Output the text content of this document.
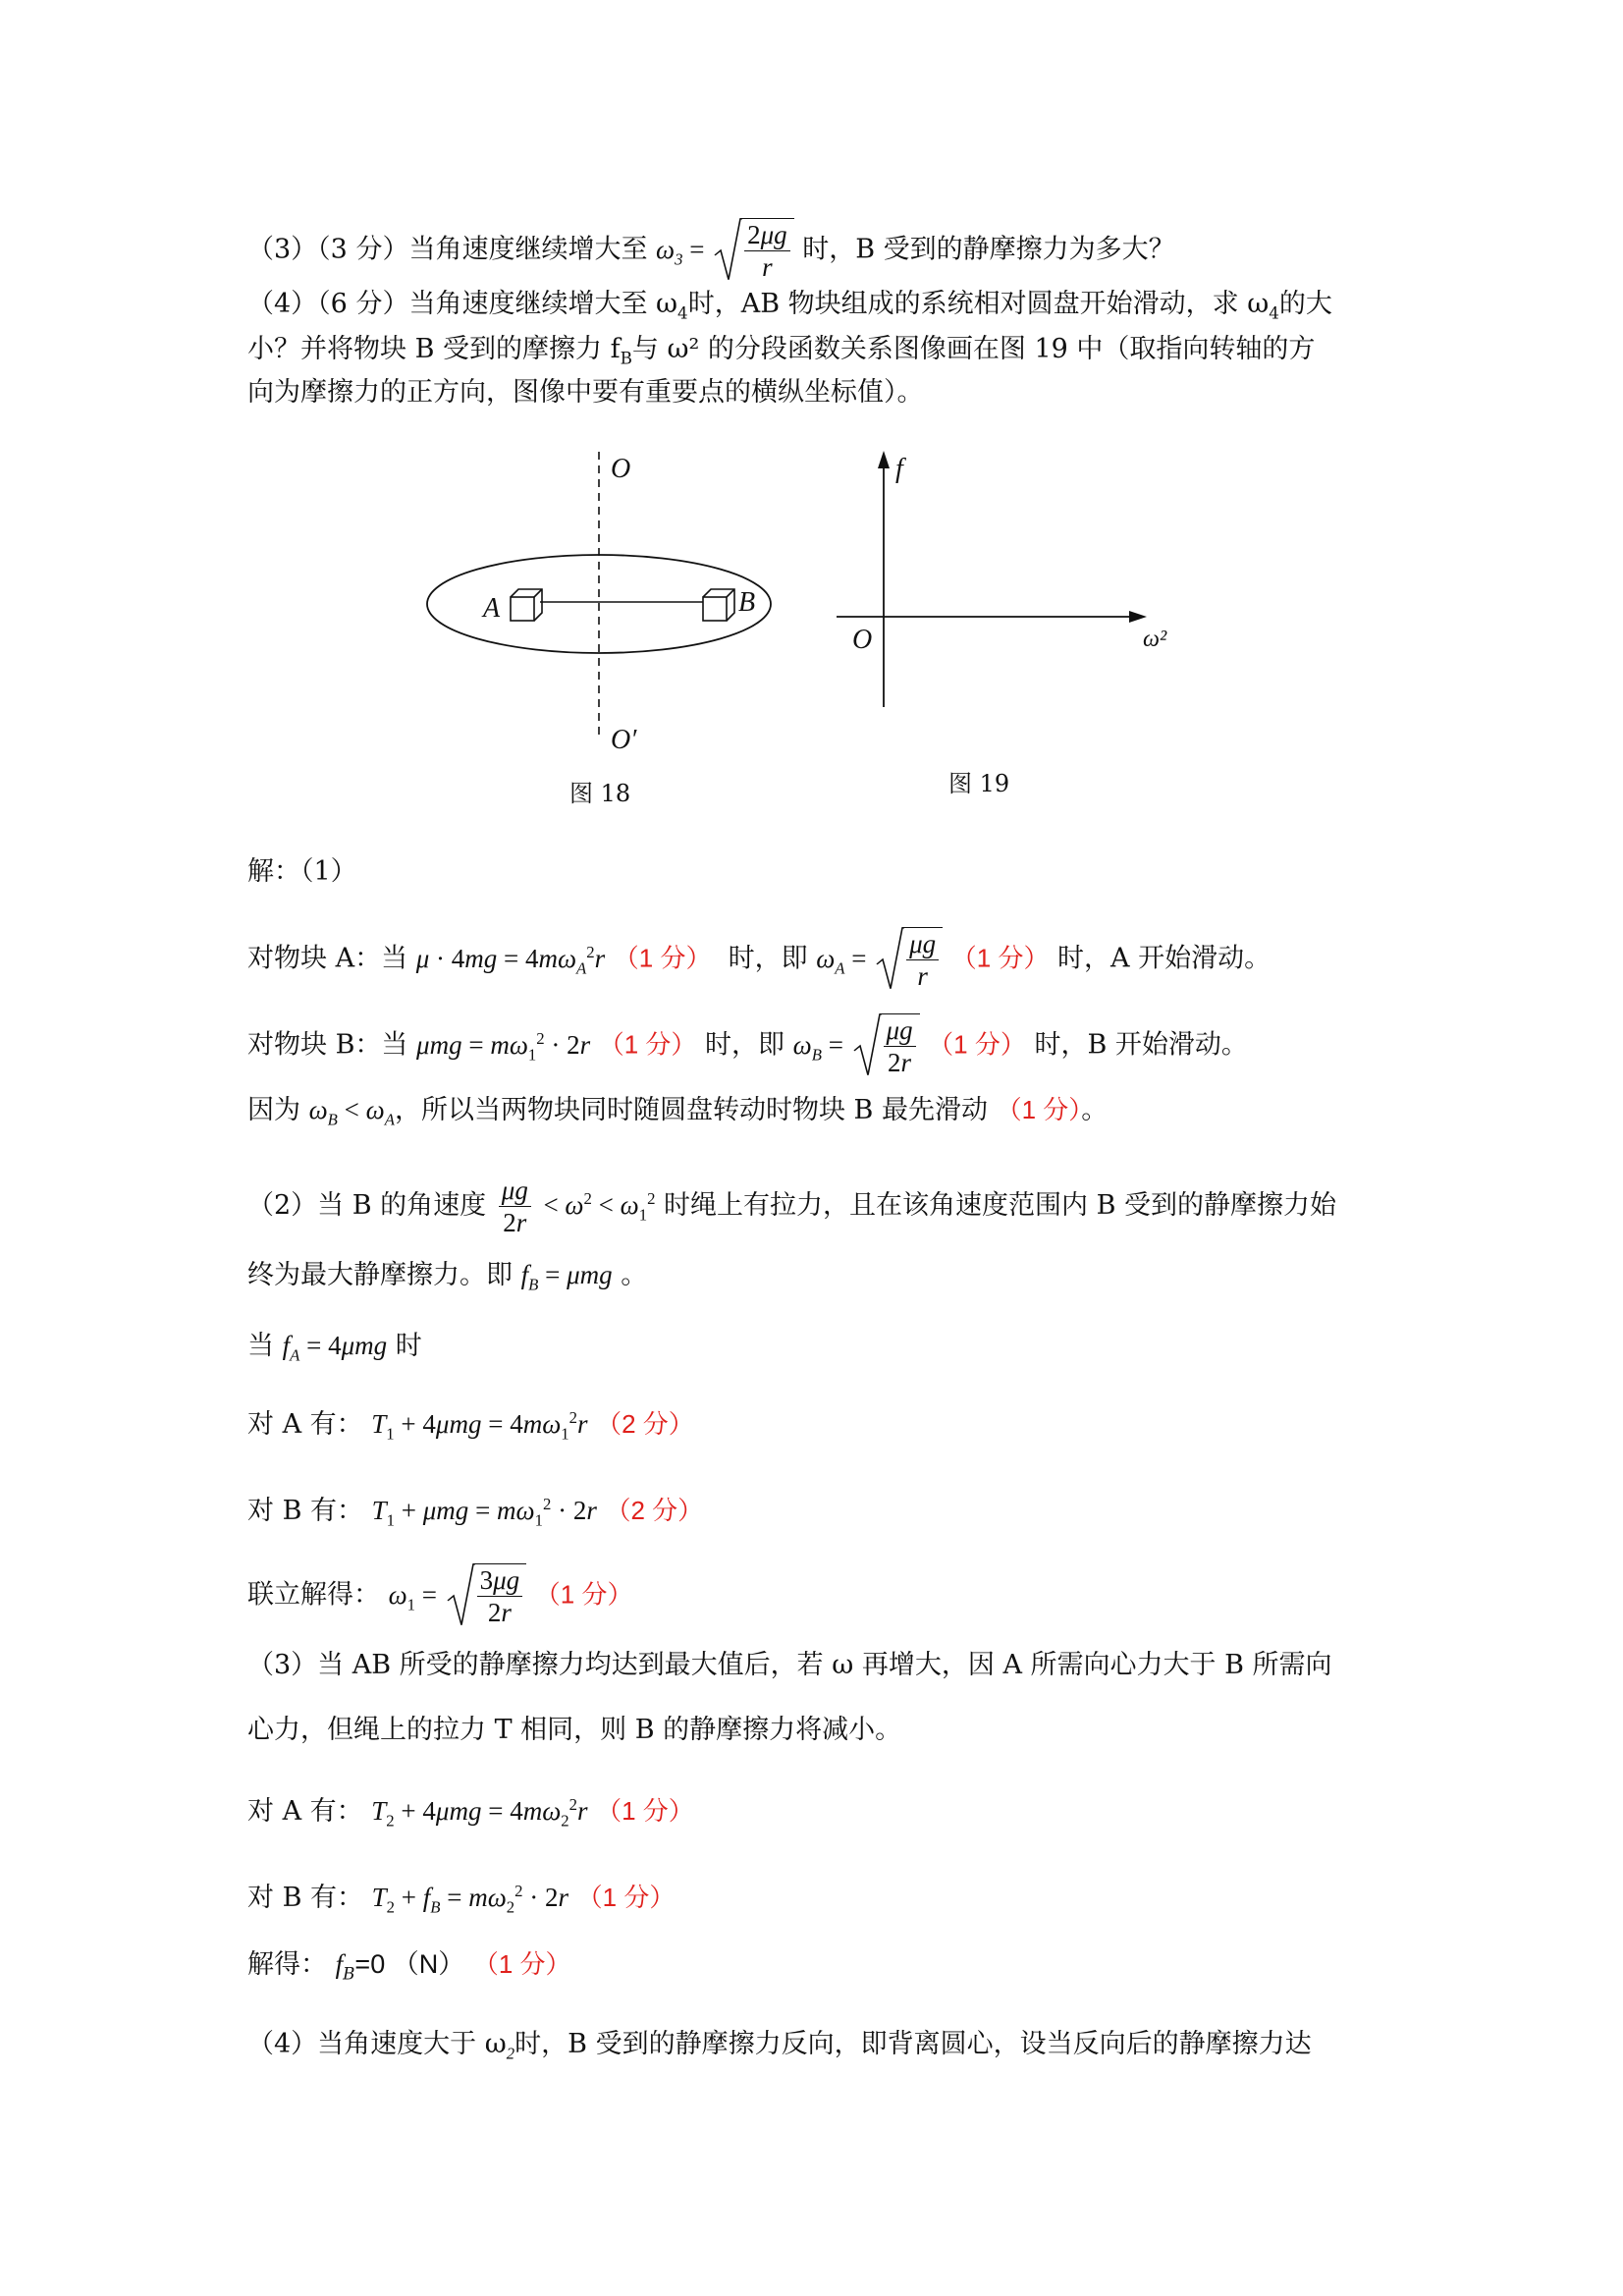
（3）（3 分）当角速度继续增大至 $\omega_3 = \frac{2\mu g}{r}$ 时，B 受到的静摩擦力为多大？
（4）（6 分）当角速度继续增大至 $\omega_4$时，AB 物块组成的系统相对圆盘开始滑动，求 $\omega_4$的大
小？并将物块 B 受到的摩擦力 $f_B$与 ω² 的分段函数关系图像画在图 19 中（取指向转轴的方
向为摩擦力的正方向，图像中要有重要点的横纵坐标值）。
O
O′
A	B
图 18
f
O	ω²
图 19
解：（1）
对物块 A：当 $\mu \cdot 4mg = 4m\omega_A^2r$ （1 分） 时，即 $\omega_A = \frac{\mu g}{r} (1$ 分） 时，A 开始滑动。
对物块 B：当 $\mu mg = m\omega_1^2 \cdot 2r$ （1 分） 时，即 $\omega_B = \frac{\mu g}{2r} (1$ 分） 时，B 开始滑动。
因为 $\omega_B < \omega_A$，所以当两物块同时随圆盘转动时物块 B 最先滑动 （1 分）。
（2）当 B 的角速度 $\frac{\mu g}{2r} < \omega^2 < \omega_1^2$ 时绳上有拉力，且在该角速度范围内 B 受到的静摩擦力始
终为最大静摩擦力。即 $f_B = \mu mg$ 。
当 $f_A = 4\mu mg$ 时
对 A 有： $T_1 + 4\mu mg = 4m\omega_1^2r$ （2 分）
对 B 有： $T_1 + \mu mg = m\omega_1^2 \cdot 2r$ （2 分）
联立解得： $\omega_1 = \frac{3\mu g}{2r} (1$ 分）
（3）当 AB 所受的静摩擦力均达到最大值后，若 ω 再增大，因 A 所需向心力大于 B 所需向
心力，但绳上的拉力 T 相同，则 B 的静摩擦力将减小。
对 A 有： $T_2 + 4\mu mg = 4m\omega_2^2r$ （1 分）
对 B 有： $T_2 + f_B = m\omega_2^2 \cdot 2r$ （1 分）
解得： $f_B=0$ （N） （1 分）
（4）当角速度大于 $\omega_2$时，B 受到的静摩擦力反向，即背离圆心，设当反向后的静摩擦力达
